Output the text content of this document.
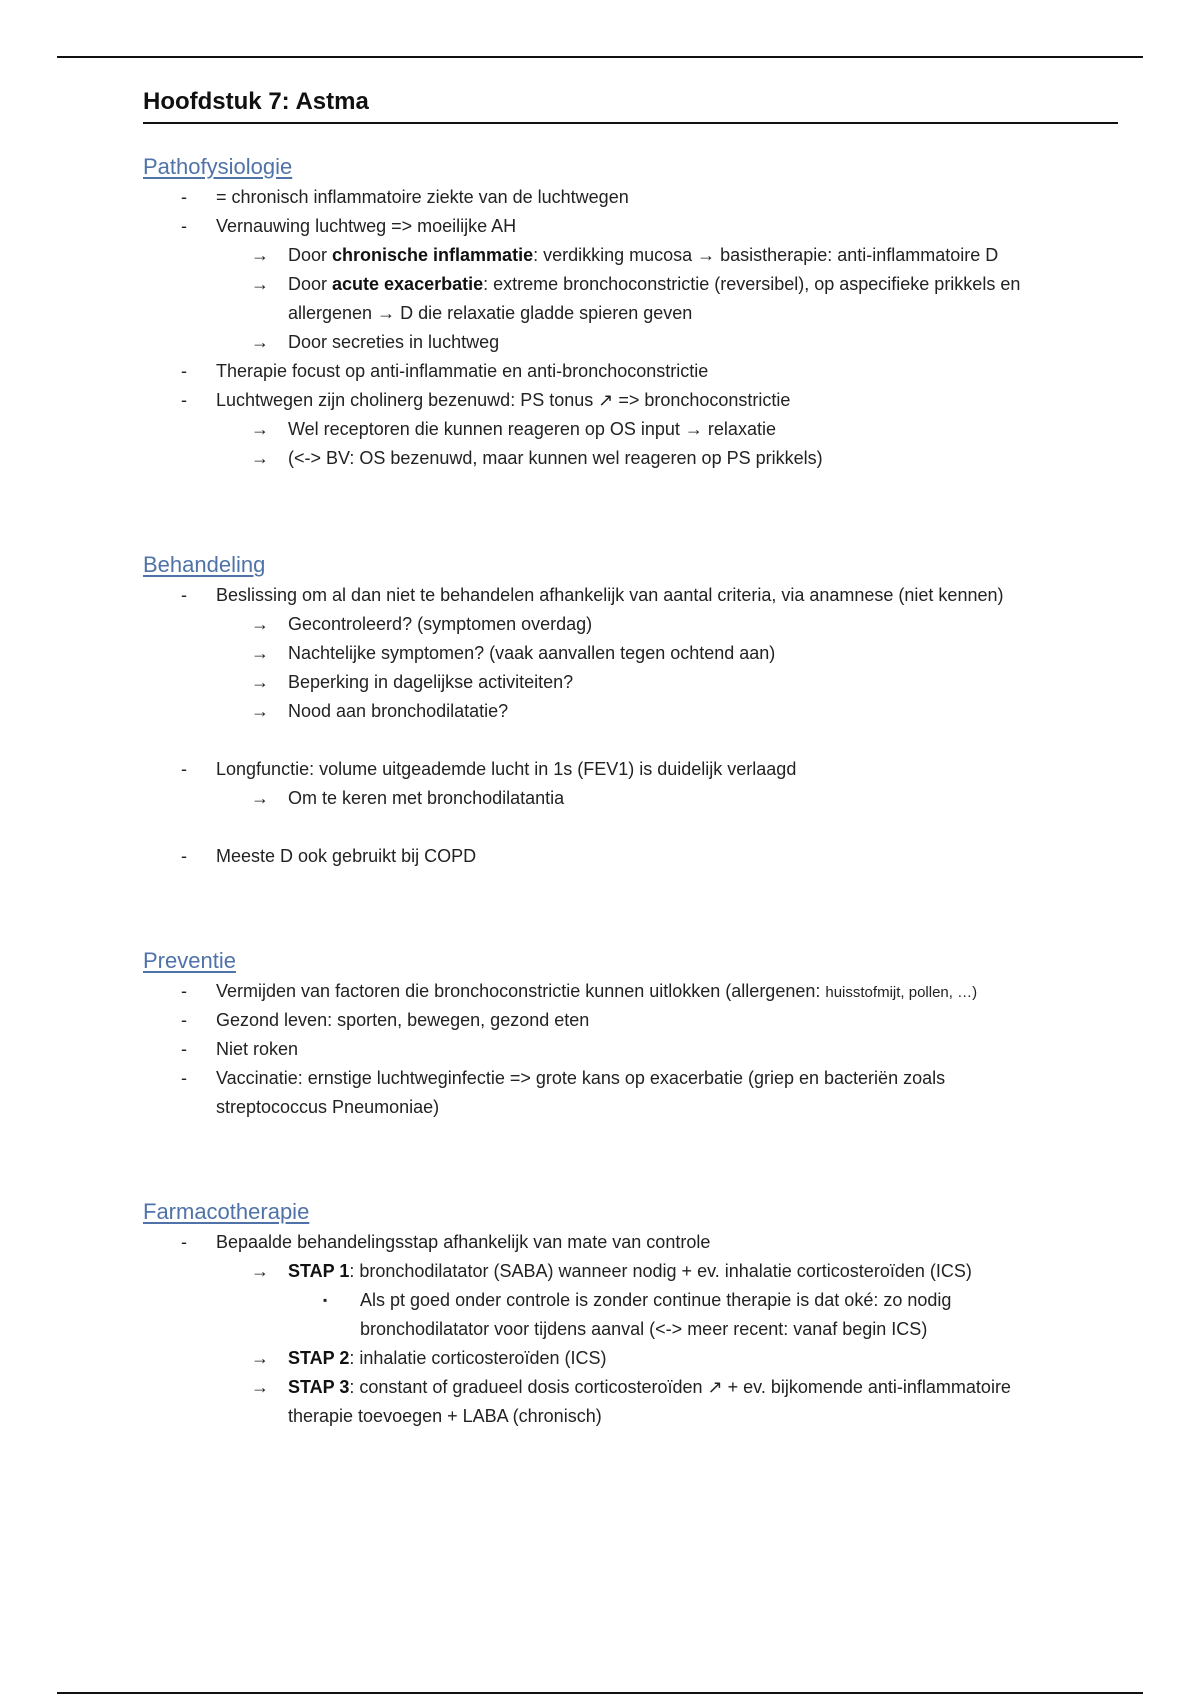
Hoofdstuk 7: Astma
Pathofysiologie
- = chronisch inflammatoire ziekte van de luchtwegen
- Vernauwing luchtweg => moeilijke AH
→ Door chronische inflammatie: verdikking mucosa → basistherapie: anti-inflammatoire D
→ Door acute exacerbatie: extreme bronchoconstrictie (reversibel), op aspecifieke prikkels en
allergenen → D die relaxatie gladde spieren geven
→ Door secreties in luchtweg
- Therapie focust op anti-inflammatie en anti-bronchoconstrictie
- Luchtwegen zijn cholinerg bezenuwd: PS tonus ↗ => bronchoconstrictie
→ Wel receptoren die kunnen reageren op OS input → relaxatie
→ (<-> BV: OS bezenuwd, maar kunnen wel reageren op PS prikkels)
Behandeling
- Beslissing om al dan niet te behandelen afhankelijk van aantal criteria, via anamnese (niet kennen)
→ Gecontroleerd? (symptomen overdag)
→ Nachtelijke symptomen? (vaak aanvallen tegen ochtend aan)
→ Beperking in dagelijkse activiteiten?
→ Nood aan bronchodilatatie?
- Longfunctie: volume uitgeademde lucht in 1s (FEV1) is duidelijk verlaagd
→ Om te keren met bronchodilatantia
- Meeste D ook gebruikt bij COPD
Preventie
- Vermijden van factoren die bronchoconstrictie kunnen uitlokken (allergenen: huisstofmijt, pollen, …)
- Gezond leven: sporten, bewegen, gezond eten
- Niet roken
- Vaccinatie: ernstige luchtweginfectie => grote kans op exacerbatie (griep en bacteriën zoals
streptococcus Pneumoniae)
Farmacotherapie
- Bepaalde behandelingsstap afhankelijk van mate van controle
→ STAP 1: bronchodilatator (SABA) wanneer nodig + ev. inhalatie corticosteroïden (ICS)
▪ Als pt goed onder controle is zonder continue therapie is dat oké: zo nodig
bronchodilatator voor tijdens aanval (<-> meer recent: vanaf begin ICS)
→ STAP 2: inhalatie corticosteroïden (ICS)
→ STAP 3: constant of gradueel dosis corticosteroïden ↗ + ev. bijkomende anti-inflammatoire
therapie toevoegen + LABA (chronisch)
